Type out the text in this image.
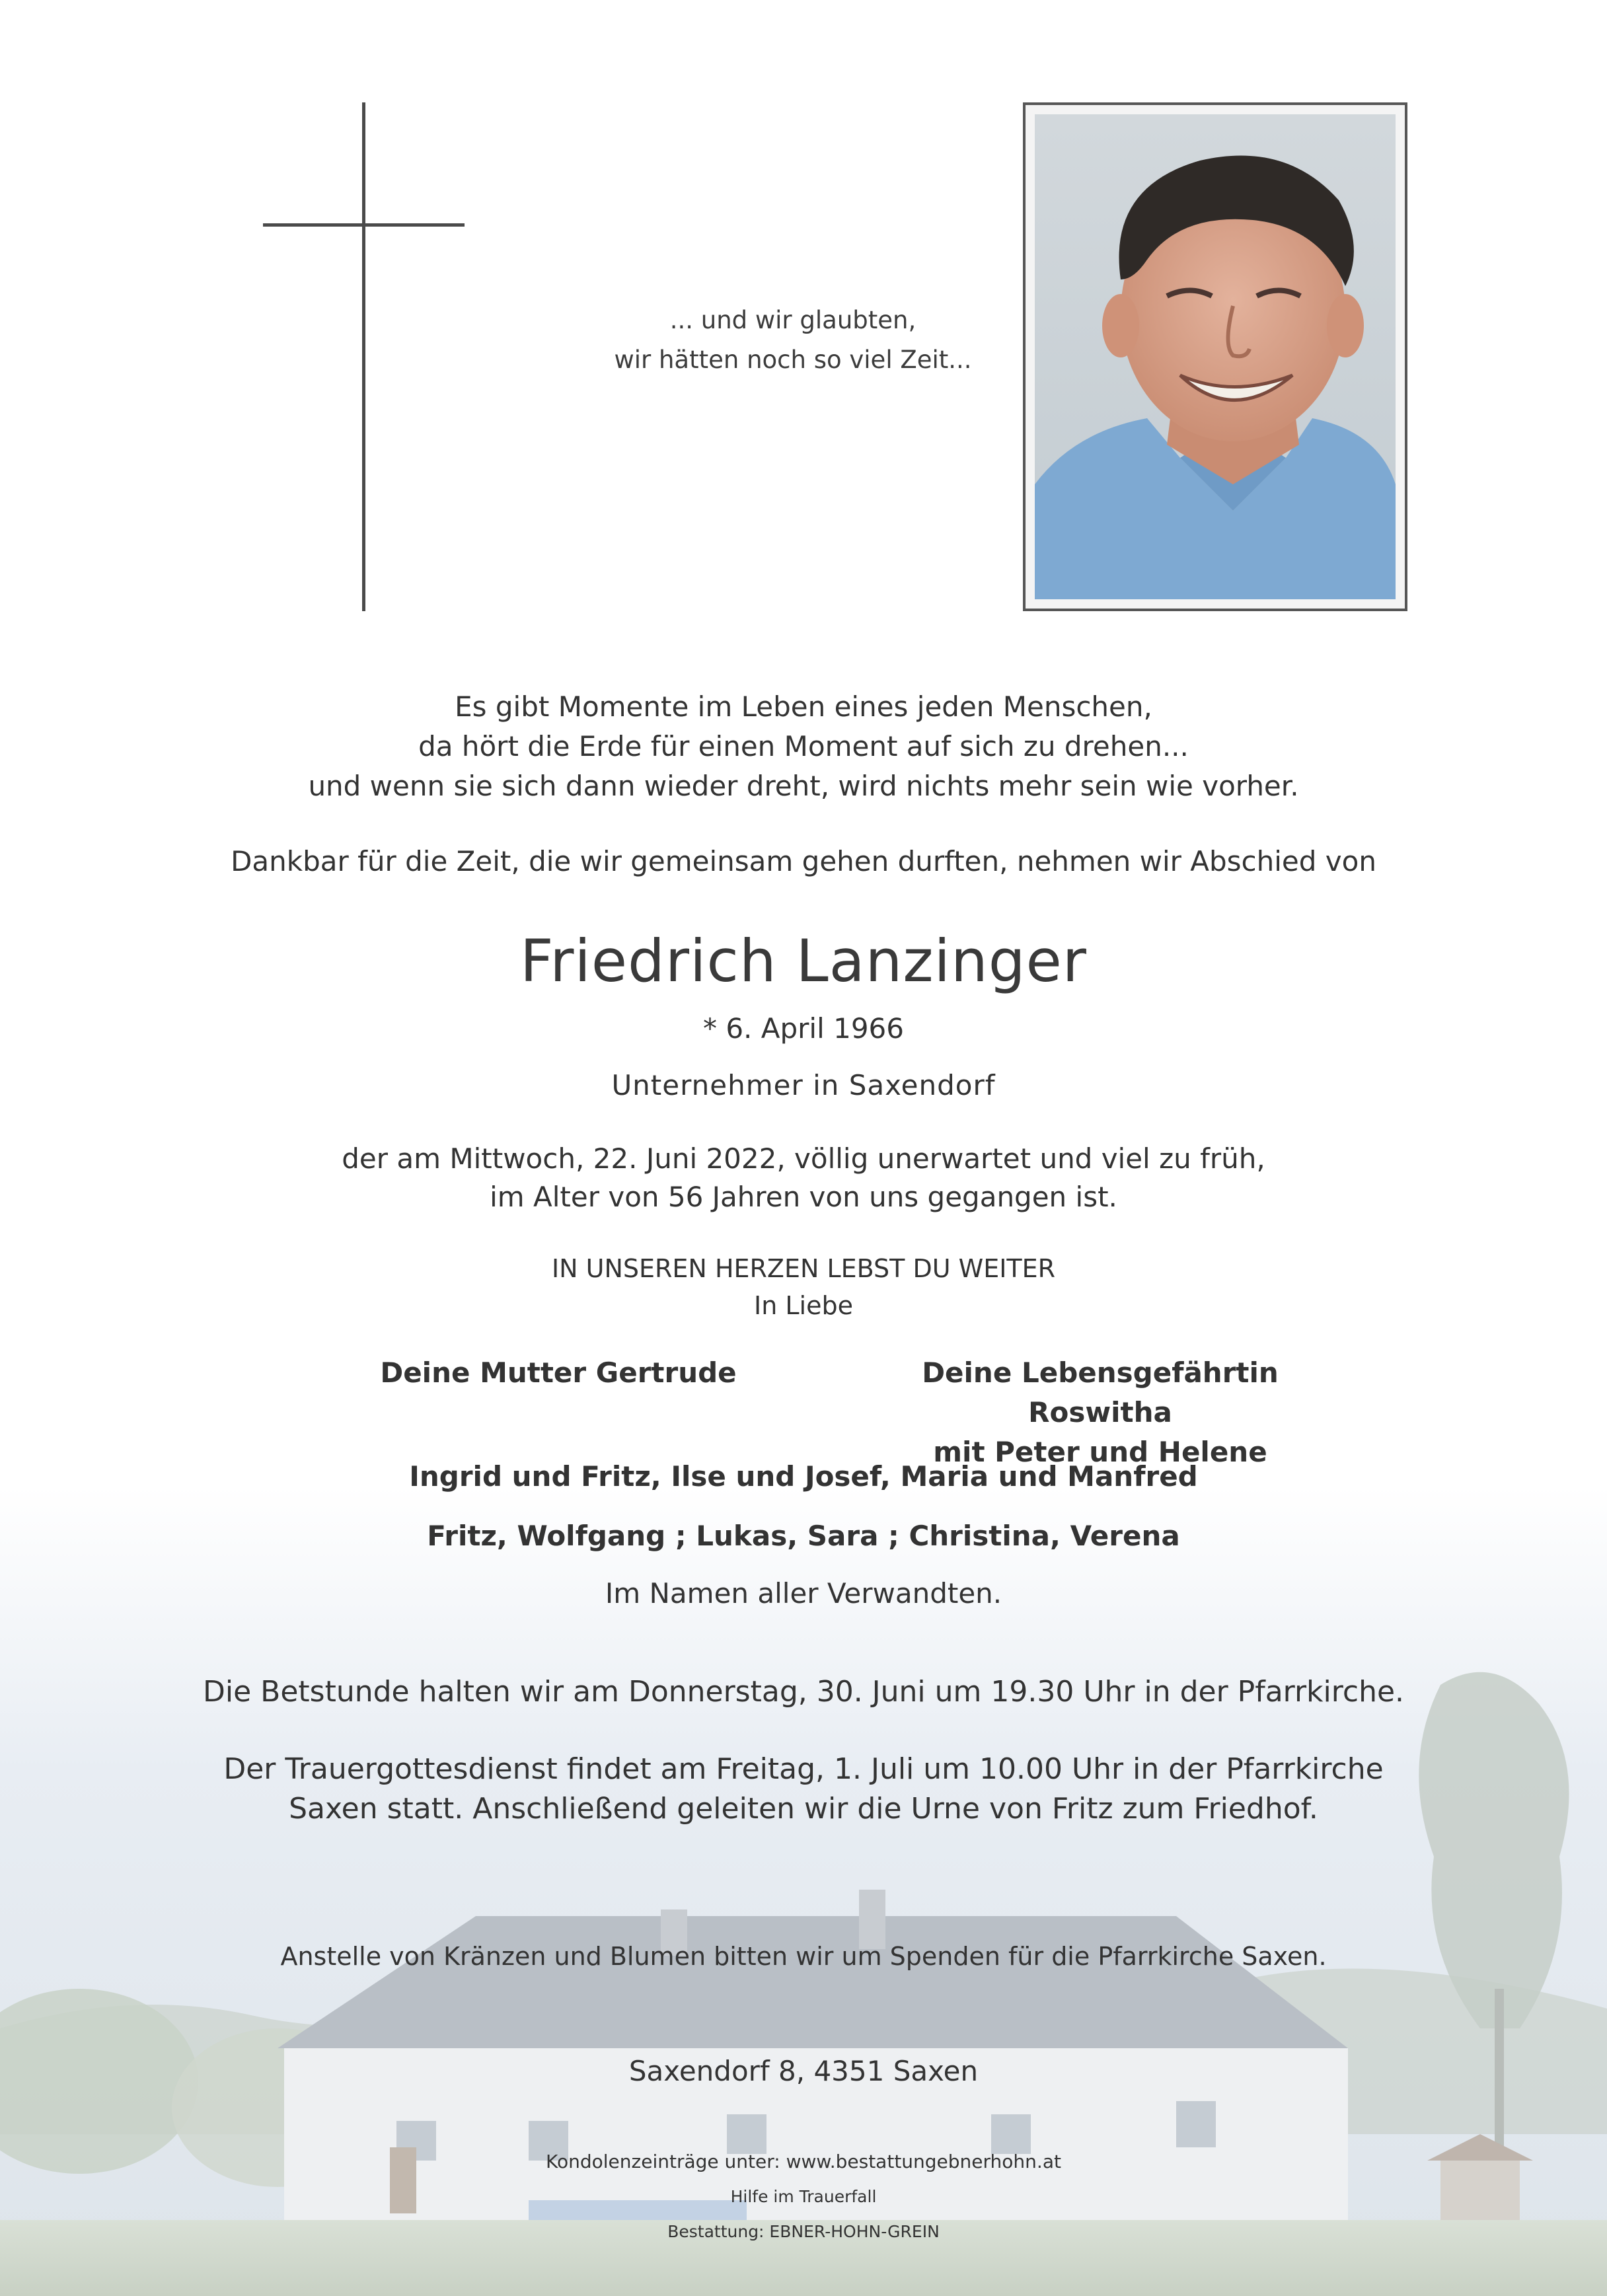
... und wir glaubten,
wir hätten noch so viel Zeit...
Es gibt Momente im Leben eines jeden Menschen,
da hört die Erde für einen Moment auf sich zu drehen...
und wenn sie sich dann wieder dreht, wird nichts mehr sein wie vorher.
Dankbar für die Zeit, die wir gemeinsam gehen durften, nehmen wir Abschied von
Friedrich Lanzinger
* 6. April 1966
Unternehmer in Saxendorf
der am Mittwoch, 22. Juni 2022, völlig unerwartet und viel zu früh,
im Alter von 56 Jahren von uns gegangen ist.
IN UNSEREN HERZEN LEBST DU WEITER
In Liebe
Deine Mutter Gertrude	Deine Lebensgefährtin Roswitha
mit Peter und Helene
Ingrid und Fritz, Ilse und Josef, Maria und Manfred
Fritz, Wolfgang ; Lukas, Sara ; Christina, Verena
Im Namen aller Verwandten.
Die Betstunde halten wir am Donnerstag, 30. Juni um 19.30 Uhr in der Pfarrkirche.
Der Trauergottesdienst findet am Freitag, 1. Juli um 10.00 Uhr in der Pfarrkirche
Saxen statt. Anschließend geleiten wir die Urne von Fritz zum Friedhof.
Anstelle von Kränzen und Blumen bitten wir um Spenden für die Pfarrkirche Saxen.
Saxendorf 8, 4351 Saxen
Kondolenzeinträge unter: www.bestattungebnerhohn.at
Hilfe im Trauerfall
Bestattung: EBNER-HOHN-GREIN
